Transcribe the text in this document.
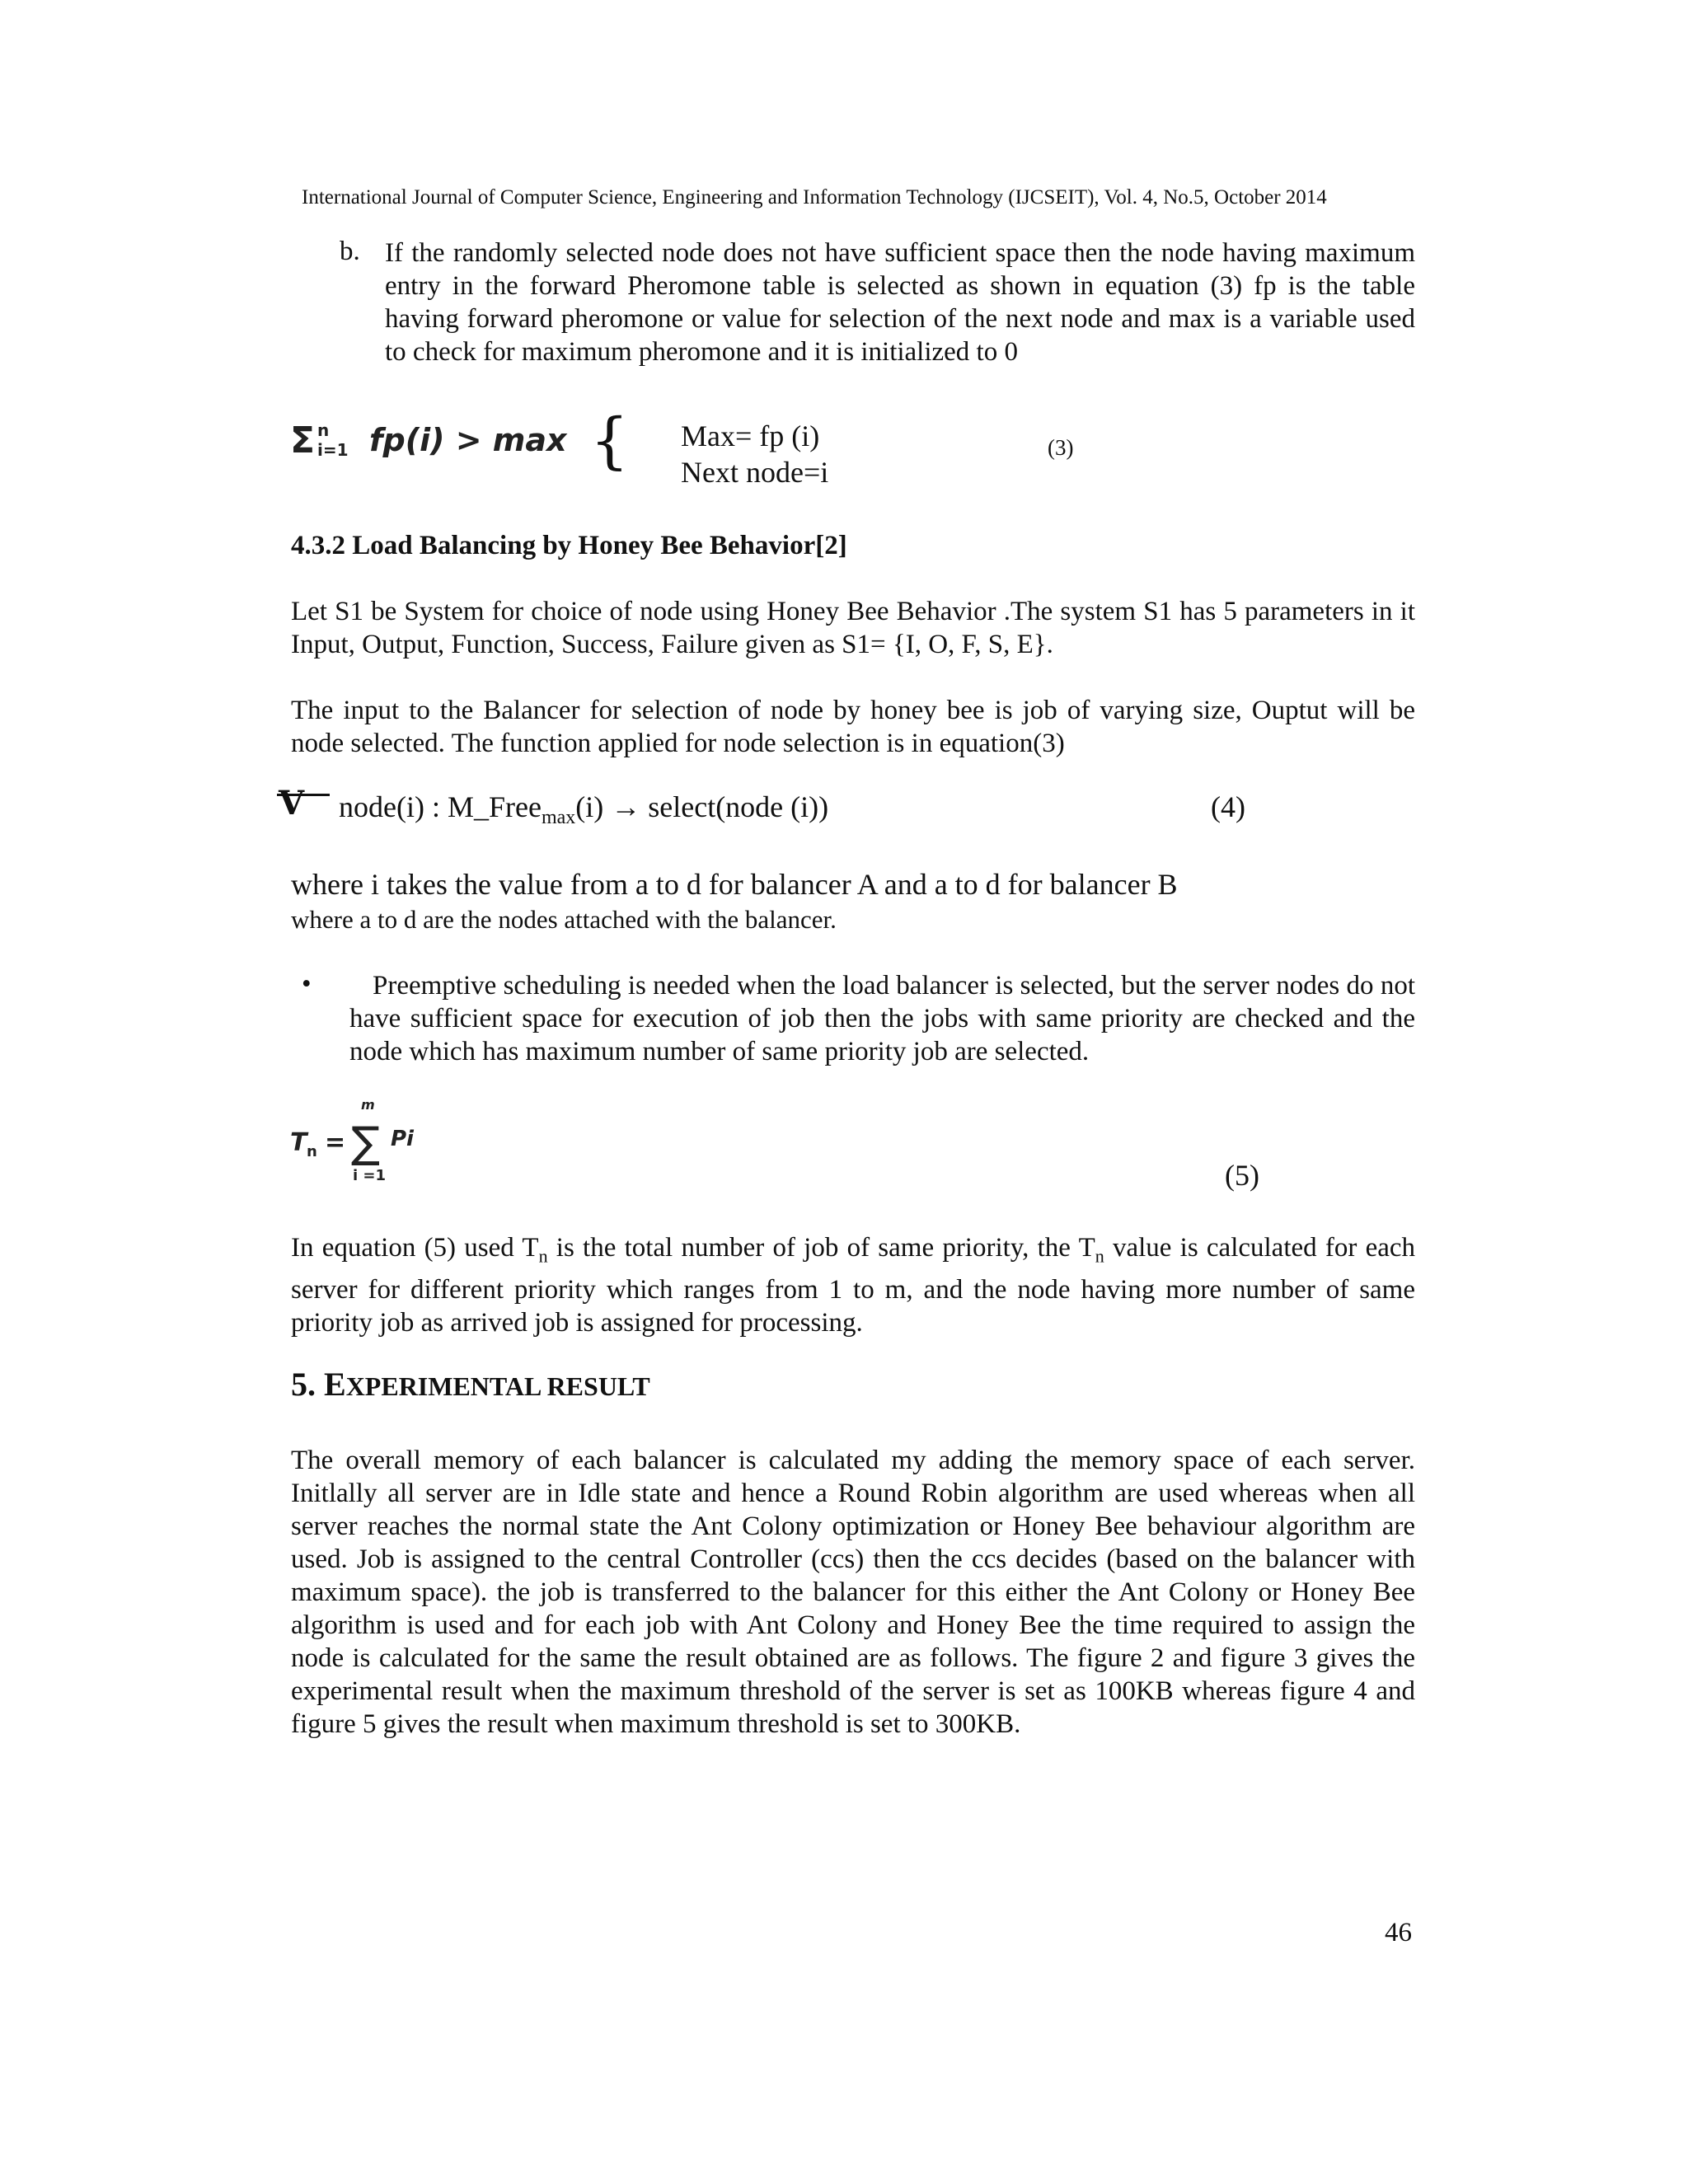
International Journal of Computer Science, Engineering and Information Technology (IJCSEIT), Vol. 4, No.5, October 2014
b. If the randomly selected node does not have sufficient space then the node having maximum entry in the forward Pheromone table is selected as shown in equation (3) fp is the table having forward pheromone or value for selection of the next node and max is a variable used to check for maximum pheromone and it is initialized to 0
Σ n
i=1 fp(i) > max { Max= fp (i)
Next node=i
(3)
4.3.2 Load Balancing by Honey Bee Behavior[2]
Let S1 be System for choice of node using Honey Bee Behavior .The system S1 has 5 parameters in it Input, Output, Function, Success, Failure given as S1= {I, O, F, S, E}.
The input to the Balancer for selection of node by honey bee is job of varying size, Ouptut will be node selected. The function applied for node selection is in equation(3)
V node(i) : M_Free$_{max}$(i) → select(node (i))	(4)
where i takes the value from a to d for balancer A and a to d for balancer B
where a to d are the nodes attached with the balancer.
•	Preemptive scheduling is needed when the load balancer is selected, but the server nodes do not have sufficient space for execution of job then the jobs with same priority are checked and the node which has maximum number of same priority job are selected.
T n = ∑
m
i =1
Pi
(5)
In equation (5) used $T_n$ is the total number of job of same priority, the $T_n$ value is calculated for each server for different priority which ranges from 1 to m, and the node having more number of same priority job as arrived job is assigned for processing.
5. EXPERIMENTAL RESULT
The overall memory of each balancer is calculated my adding the memory space of each server. Initlally all server are in Idle state and hence a Round Robin algorithm are used whereas when all server reaches the normal state the Ant Colony optimization or Honey Bee behaviour algorithm are used. Job is assigned to the central Controller (ccs) then the ccs decides (based on the balancer with maximum space). the job is transferred to the balancer for this either the Ant Colony or Honey Bee algorithm is used and for each job with Ant Colony and Honey Bee the time required to assign the node is calculated for the same the result obtained are as follows. The figure 2 and figure 3 gives the experimental result when the maximum threshold of the server is set as 100KB whereas figure 4 and figure 5 gives the result when maximum threshold is set to 300KB.
46
